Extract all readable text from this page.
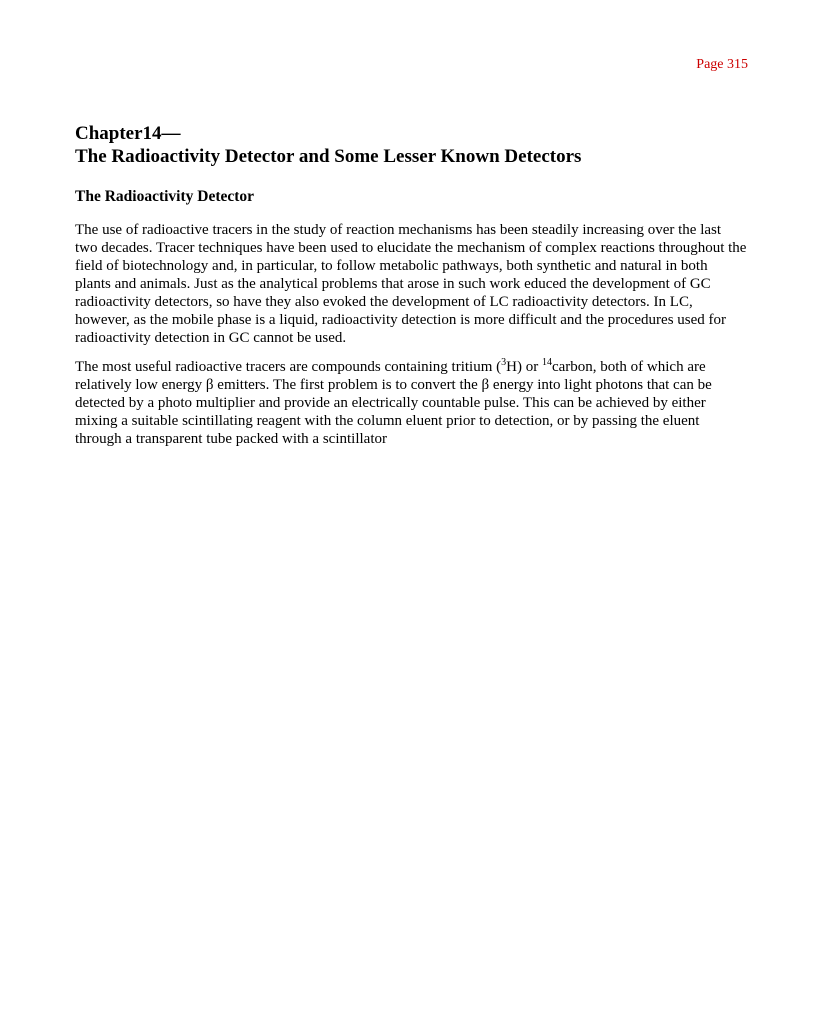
Page 315
Chapter14—
The Radioactivity Detector and Some Lesser Known Detectors
The Radioactivity Detector

The use of radioactive tracers in the study of reaction mechanisms has been steadily increasing over the last two decades. Tracer techniques have been used to elucidate the mechanism of complex reactions throughout the field of biotechnology and, in particular, to follow metabolic pathways, both synthetic and natural in both plants and animals. Just as the analytical problems that arose in such work educed the development of GC radioactivity detectors, so have they also evoked the development of LC radioactivity detectors. In LC, however, as the mobile phase is a liquid, radioactivity detection is more difficult and the procedures used for radioactivity detection in GC cannot be used.

The most useful radioactive tracers are compounds containing tritium ($^3$H) or $^{14}$carbon, both of which are relatively low energy β emitters. The first problem is to convert the β energy into light photons that can be detected by a photo multiplier and provide an electrically countable pulse. This can be achieved by either mixing a suitable scintillating reagent with the column eluent prior to detection, or by passing the eluent through a transparent tube packed with a scintillator
